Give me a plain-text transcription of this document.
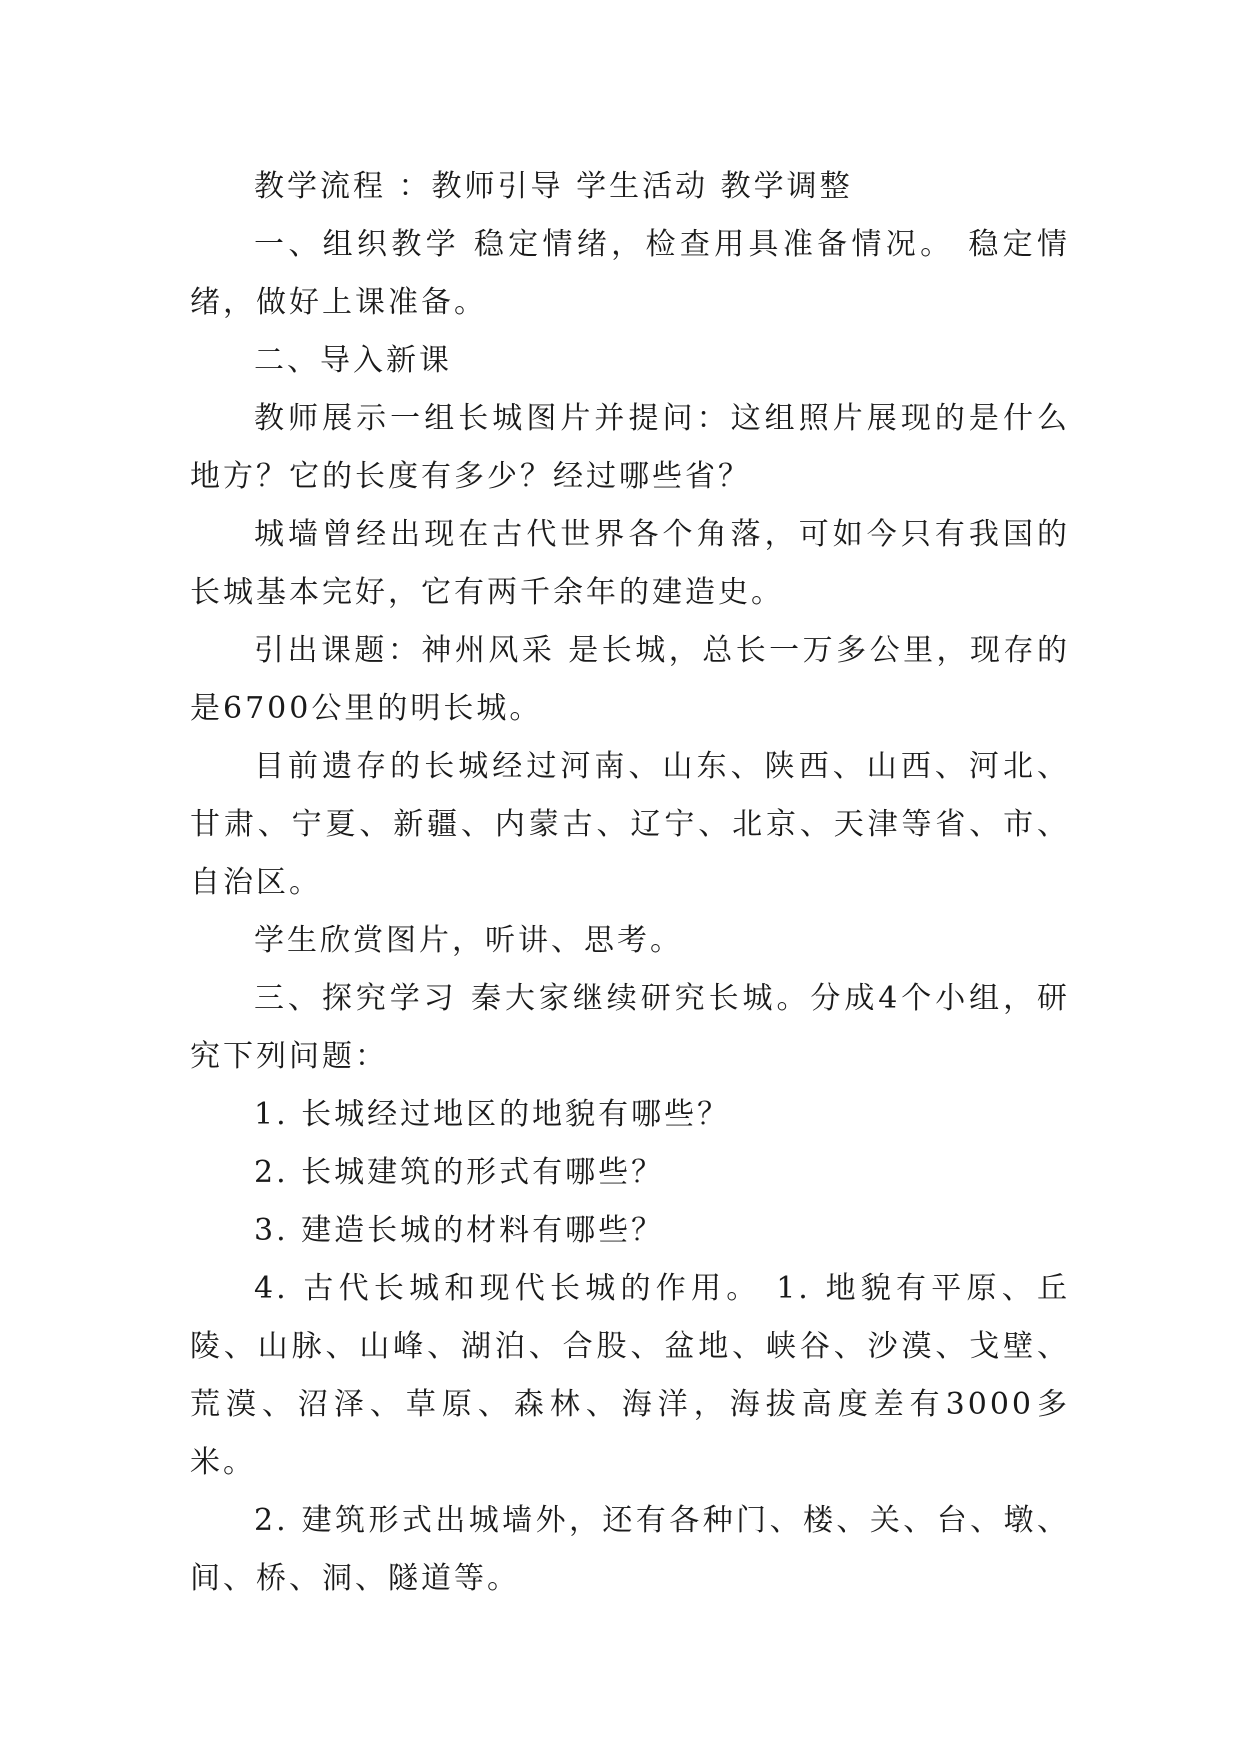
教学流程 ：教师引导 学生活动 教学调整

一、组织教学 稳定情绪，检查用具准备情况。 稳定情绪，做好上课准备。

二、导入新课

教师展示一组长城图片并提问：这组照片展现的是什么地方？它的长度有多少？经过哪些省？

城墙曾经出现在古代世界各个角落，可如今只有我国的长城基本完好，它有两千余年的建造史。

引出课题：神州风采 是长城，总长一万多公里，现存的是6700公里的明长城。

目前遗存的长城经过河南、山东、陕西、山西、河北、甘肃、宁夏、新疆、内蒙古、辽宁、北京、天津等省、市、自治区。

学生欣赏图片，听讲、思考。

三、探究学习 秦大家继续研究长城。分成4个小组，研究下列问题：

1. 长城经过地区的地貌有哪些？

2. 长城建筑的形式有哪些？

3. 建造长城的材料有哪些？

4. 古代长城和现代长城的作用。 1. 地貌有平原、丘陵、山脉、山峰、湖泊、合股、盆地、峡谷、沙漠、戈壁、荒漠、沼泽、草原、森林、海洋，海拔高度差有3000多米。

2. 建筑形式出城墙外，还有各种门、楼、关、台、墩、间、桥、洞、隧道等。
